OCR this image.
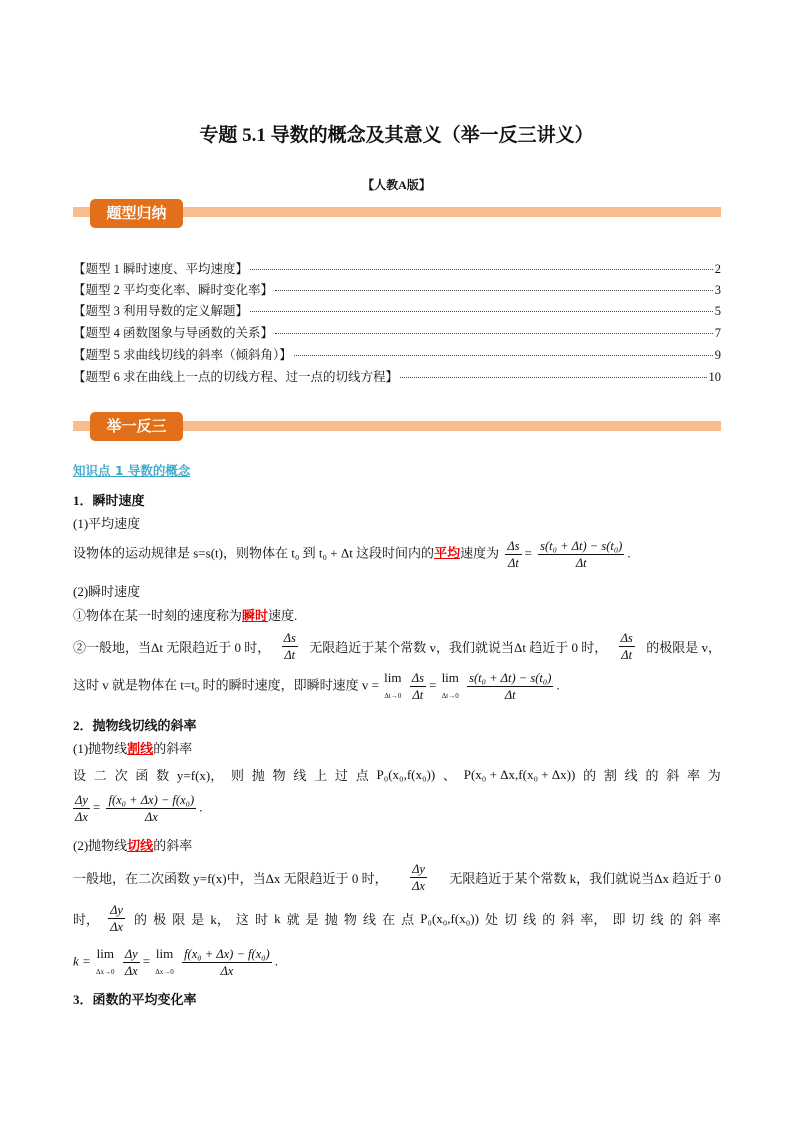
专题 5.1 导数的概念及其意义（举一反三讲义）
【人教A版】
题型归纳
举一反三
知识点 1 导数的概念
1．瞬时速度
(1)平均速度
设物体的运动规律是 s=s(t)，则物体在 t₀ 到 t₀ + Δt 这段时间内的平均速度为 $\frac{\Delta s}{\Delta t} = \frac{\text{s(t₀ + Δt) − s(t₀)}}{\Delta t}$ .
(2)瞬时速度
①物体在某一时刻的速度称为瞬时速度.
②一般地，当Δt 无限趋近于 0 时， $\frac{\Delta s}{\Delta t}$ 无限趋近于某个常数 v，我们就说当Δt 趋近于 0 时， $\frac{\Delta s}{\Delta t}$ 的极限是 v，
这时 v 就是物体在 t=t₀ 时的瞬时速度，即瞬时速度 v =
lim
Δt→0
$\frac{\Delta s}{\Delta t}$ =
lim
Δt→0
$\frac{\text{s(t₀ + Δt) − s(t₀)}}{\Delta t}$ .
2．抛物线切线的斜率
(1)抛物线割线的斜率
设 二 次 函 数 y=f(x)， 则 抛 物 线 上 过 点 P₀(x₀,f(x₀)) 、 P(x₀ + Δx,f(x₀ + Δx)) 的 割 线 的 斜 率 为
$\frac{\Delta y}{\Delta x} = \frac{\text{f(x₀ + Δx) − f(x₀)}}{\Delta x}$ .
(2)抛物线切线的斜率
一般地，在二次函数 y=f(x)中，当Δx 无限趋近于 0 时， $\frac{\Delta y}{\Delta x}$ 无限趋近于某个常数 k，我们就说当Δx 趋近于 0
时， $\frac{\Delta y}{\Delta x}$ 的 极 限 是 k， 这 时 k 就 是 抛 物 线 在 点 P₀(x₀,f(x₀)) 处 切 线 的 斜 率， 即 切 线 的 斜 率
k =
lim
Δx→0
$\frac{\Delta y}{\Delta x}$ =
lim
Δx→0
$\frac{\text{f(x₀ + Δx) − f(x₀)}}{\Delta x}$ .
3．函数的平均变化率
【题型 1 瞬时速度、平均速度】	2
【题型 2 平均变化率、瞬时变化率】	3
【题型 3 利用导数的定义解题】	5
【题型 4 函数图象与导函数的关系】	7
【题型 5 求曲线切线的斜率（倾斜角）】	9
【题型 6 求在曲线上一点的切线方程、过一点的切线方程】	10
